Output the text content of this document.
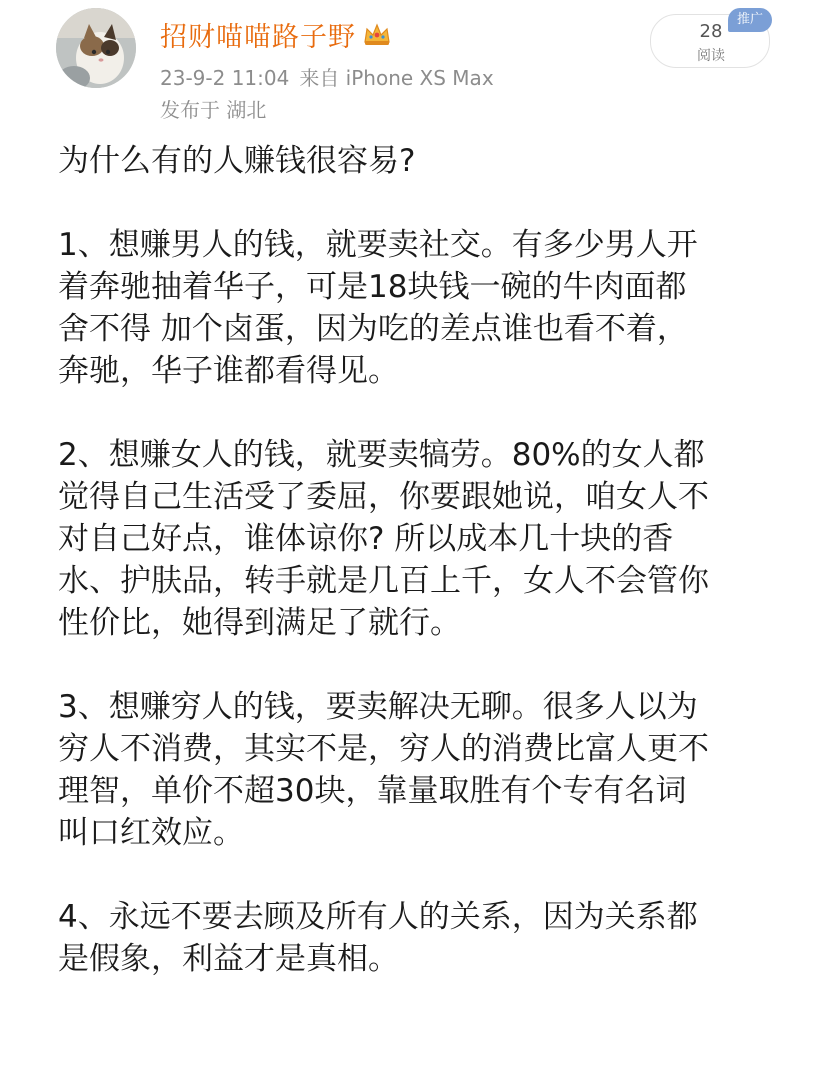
招财喵喵路子野
23-9-2 11:04 来自 iPhone XS Max
发布于 湖北
28
阅读
推广

为什么有的人赚钱很容易?

1、想赚男人的钱，就要卖社交。有多少男人开
着奔驰抽着华子，可是18块钱一碗的牛肉面都
舍不得 加个卤蛋，因为吃的差点谁也看不着，
奔驰，华子谁都看得见。

2、想赚女人的钱，就要卖犒劳。80%的女人都
觉得自己生活受了委屈，你要跟她说，咱女人不
对自己好点，谁体谅你? 所以成本几十块的香
水、护肤品，转手就是几百上千，女人不会管你
性价比，她得到满足了就行。

3、想赚穷人的钱，要卖解决无聊。很多人以为
穷人不消费，其实不是，穷人的消费比富人更不
理智，单价不超30块，靠量取胜有个专有名词
叫口红效应。

4、永远不要去顾及所有人的关系，因为关系都
是假象，利益才是真相。
